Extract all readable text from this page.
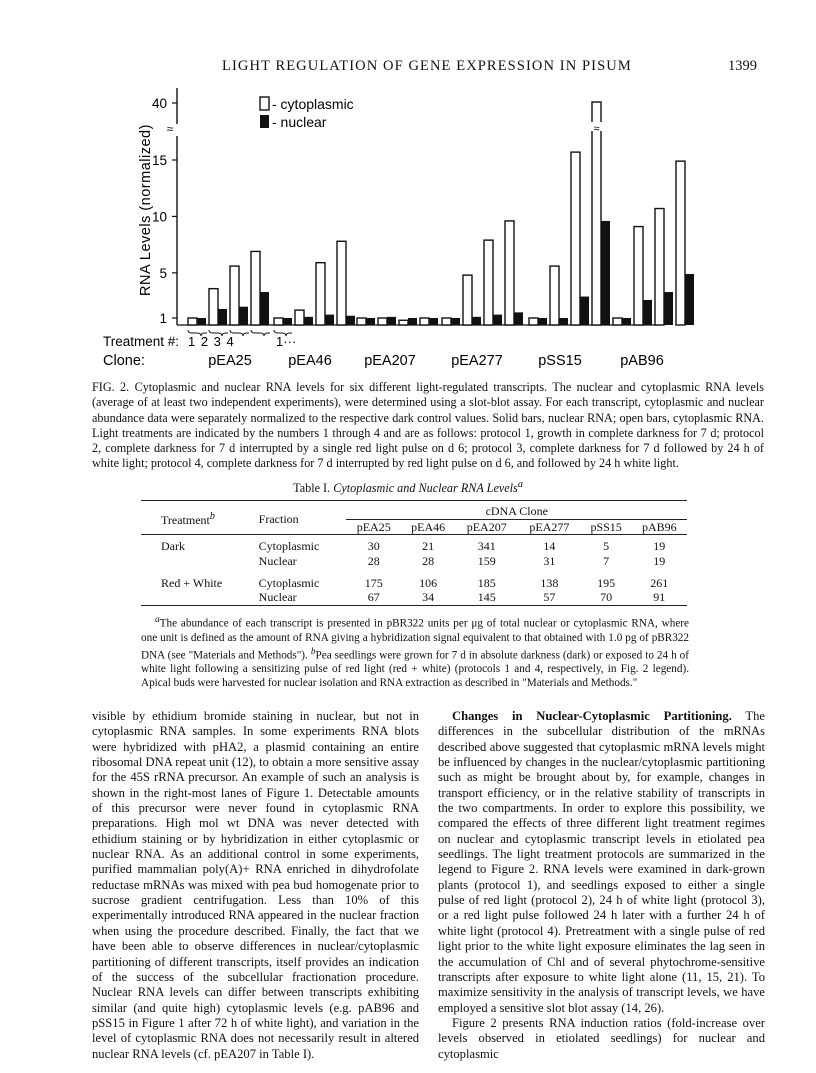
LIGHT REGULATION OF GENE EXPRESSION IN PISUM	1399
≈
1
5
10
15
40
RNA Levels (normalized)
- cytoplasmic
- nuclear	≈
Treatment #: 1 2 3 4	1···
Clone:	pEA25	pEA46 pEA207 pEA277 pSS15	pAB96

FIG. 2. Cytoplasmic and nuclear RNA levels for six different light-regulated transcripts. The nuclear and cytoplasmic RNA levels (average of at least two independent experiments), were determined using a slot-blot assay. For each transcript, cytoplasmic and nuclear abundance data were separately normalized to the respective dark control values. Solid bars, nuclear RNA; open bars, cytoplasmic RNA. Light treatments are indicated by the numbers 1 through 4 and are as follows: protocol 1, growth in complete darkness for 7 d; protocol 2, complete darkness for 7 d interrupted by a single red light pulse on d 6; protocol 3, complete darkness for 7 d followed by 24 h of white light; protocol 4, complete darkness for 7 d interrupted by red light pulse on d 6, and followed by 24 h white light.

Table I. Cytoplasmic and Nuclear RNA Levels$^a$
Treatment$^b$	Fraction	cDNA Clone					
		pEA25	pEA46	pEA207	pEA277	pSS15	pAB96
Dark	Cytoplasmic	30	21	341	14	5	19
	Nuclear	28	28	159	31	7	19
Red + White	Cytoplasmic	175	106	185	138	195	261
	Nuclear	67	34	145	57	70	91

$^a$The abundance of each transcript is presented in pBR322 units per μg of total nuclear or cytoplasmic RNA, where one unit is defined as the amount of RNA giving a hybridization signal equivalent to that obtained with 1.0 pg of pBR322 DNA (see "Materials and Methods"). $^b$Pea seedlings were grown for 7 d in absolute darkness (dark) or exposed to 24 h of white light following a sensitizing pulse of red light (red + white) (protocols 1 and 4, respectively, in Fig. 2 legend). Apical buds were harvested for nuclear isolation and RNA extraction as described in "Materials and Methods."

visible by ethidium bromide staining in nuclear, but not in cytoplasmic RNA samples. In some experiments RNA blots were hybridized with pHA2, a plasmid containing an entire ribosomal DNA repeat unit (12), to obtain a more sensitive assay for the 45S rRNA precursor. An example of such an analysis is shown in the right-most lanes of Figure 1. Detectable amounts of this precursor were never found in cytoplasmic RNA preparations. High mol wt DNA was never detected with ethidium staining or by hybridization in either cytoplasmic or nuclear RNA. As an additional control in some experiments, purified mammalian poly(A)+ RNA enriched in dihydrofolate reductase mRNAs was mixed with pea bud homogenate prior to sucrose gradient centrifugation. Less than 10% of this experimentally introduced RNA appeared in the nuclear fraction when using the procedure described. Finally, the fact that we have been able to observe differences in nuclear/cytoplasmic partitioning of different transcripts, itself provides an indication of the success of the subcellular fractionation procedure. Nuclear RNA levels can differ between transcripts exhibiting similar (and quite high) cytoplasmic levels (e.g. pAB96 and pSS15 in Figure 1 after 72 h of white light), and variation in the level of cytoplasmic RNA does not necessarily result in altered nuclear RNA levels (cf. pEA207 in Table I).

Changes in Nuclear-Cytoplasmic Partitioning. The differences in the subcellular distribution of the mRNAs described above suggested that cytoplasmic mRNA levels might be influenced by changes in the nuclear/cytoplasmic partitioning such as might be brought about by, for example, changes in transport efficiency, or in the relative stability of transcripts in the two compartments. In order to explore this possibility, we compared the effects of three different light treatment regimes on nuclear and cytoplasmic transcript levels in etiolated pea seedlings. The light treatment protocols are summarized in the legend to Figure 2. RNA levels were examined in dark-grown plants (protocol 1), and seedlings exposed to either a single pulse of red light (protocol 2), 24 h of white light (protocol 3), or a red light pulse followed 24 h later with a further 24 h of white light (protocol 4). Pretreatment with a single pulse of red light prior to the white light exposure eliminates the lag seen in the accumulation of Chl and of several phytochrome-sensitive transcripts after exposure to white light alone (11, 15, 21). To maximize sensitivity in the analysis of transcript levels, we have employed a sensitive slot blot assay (14, 26).

Figure 2 presents RNA induction ratios (fold-increase over levels observed in etiolated seedlings) for nuclear and cytoplasmic
